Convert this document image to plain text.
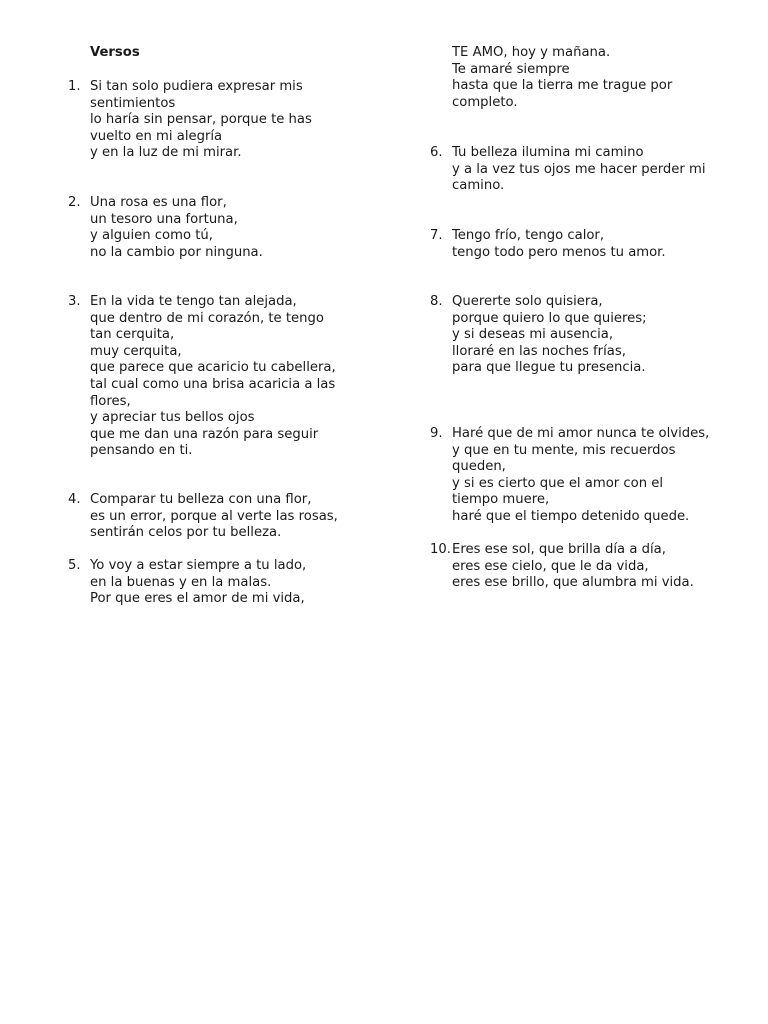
Versos
1. Si tan solo pudiera expresar mis
sentimientos
lo haría sin pensar, porque te has
vuelto en mi alegría
y en la luz de mi mirar.
2. Una rosa es una flor,
un tesoro una fortuna,
y alguien como tú,
no la cambio por ninguna.
3. En la vida te tengo tan alejada,
que dentro de mi corazón, te tengo
tan cerquita,
muy cerquita,
que parece que acaricio tu cabellera,
tal cual como una brisa acaricia a las
flores,
y apreciar tus bellos ojos
que me dan una razón para seguir
pensando en ti.
4. Comparar tu belleza con una flor,
es un error, porque al verte las rosas,
sentirán celos por tu belleza.
5. Yo voy a estar siempre a tu lado,
en la buenas y en la malas.
Por que eres el amor de mi vida,
TE AMO, hoy y mañana.
Te amaré siempre
hasta que la tierra me trague por
completo.
6. Tu belleza ilumina mi camino
y a la vez tus ojos me hacer perder mi
camino.
7. Tengo frío, tengo calor,
tengo todo pero menos tu amor.
8. Quererte solo quisiera,
porque quiero lo que quieres;
y si deseas mi ausencia,
lloraré en las noches frías,
para que llegue tu presencia.
9. Haré que de mi amor nunca te olvides,
y que en tu mente, mis recuerdos
queden,
y si es cierto que el amor con el
tiempo muere,
haré que el tiempo detenido quede.
10. Eres ese sol, que brilla día a día,
eres ese cielo, que le da vida,
eres ese brillo, que alumbra mi vida.
